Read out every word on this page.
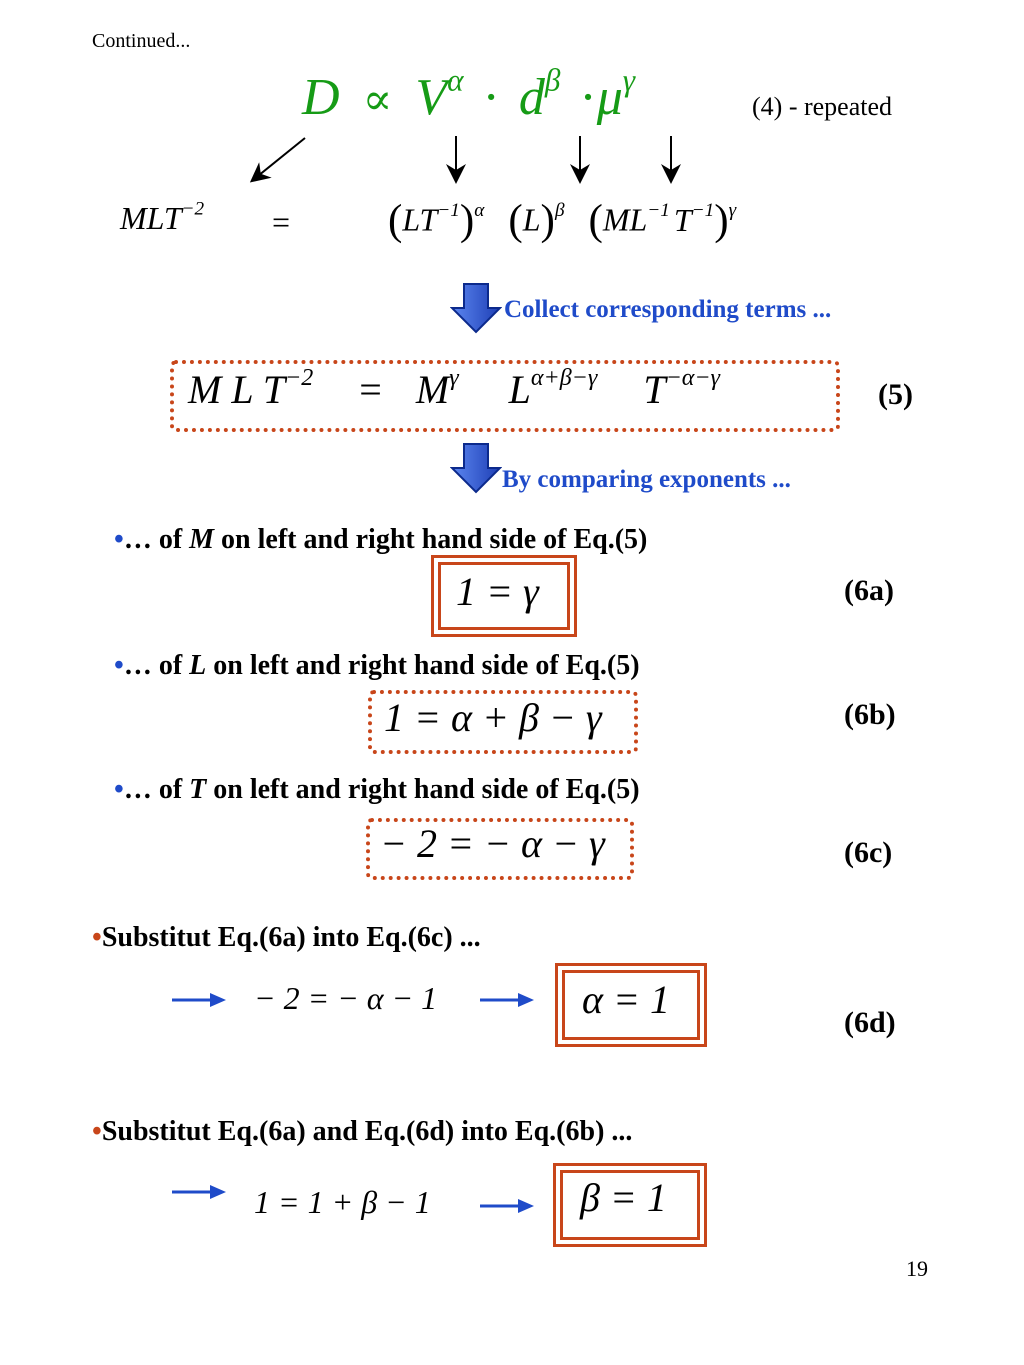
Continued...
$D \propto V^\alpha \cdot d^\beta \cdot\mu^\gamma$
(4) - repeated
$MLT^{-2} = (LT^{-1})^\alpha$ $(L)^\beta$ ($ML^{-1}$ $T^{-1})^\gamma$
Collect corresponding terms ...
M L $T^{-2} = M^\gamma$ $L^{\alpha+\beta-\gamma}$ $T^{-\alpha-\gamma}$	(5)
By comparing exponents ...
•… of M on left and right hand side of Eq.(5)
1 = γ	(6a)
•… of L on left and right hand side of Eq.(5)
1 = α + β − γ	(6b)
•… of T on left and right hand side of Eq.(5)
− 2 = − α − γ	(6c)
•Substitut Eq.(6a) into Eq.(6c) ...
− 2 = − α − 1	α = 1
(6d)
•Substitut Eq.(6a) and Eq.(6d) into Eq.(6b) ...
1 = 1 + β − 1	β = 1
19
